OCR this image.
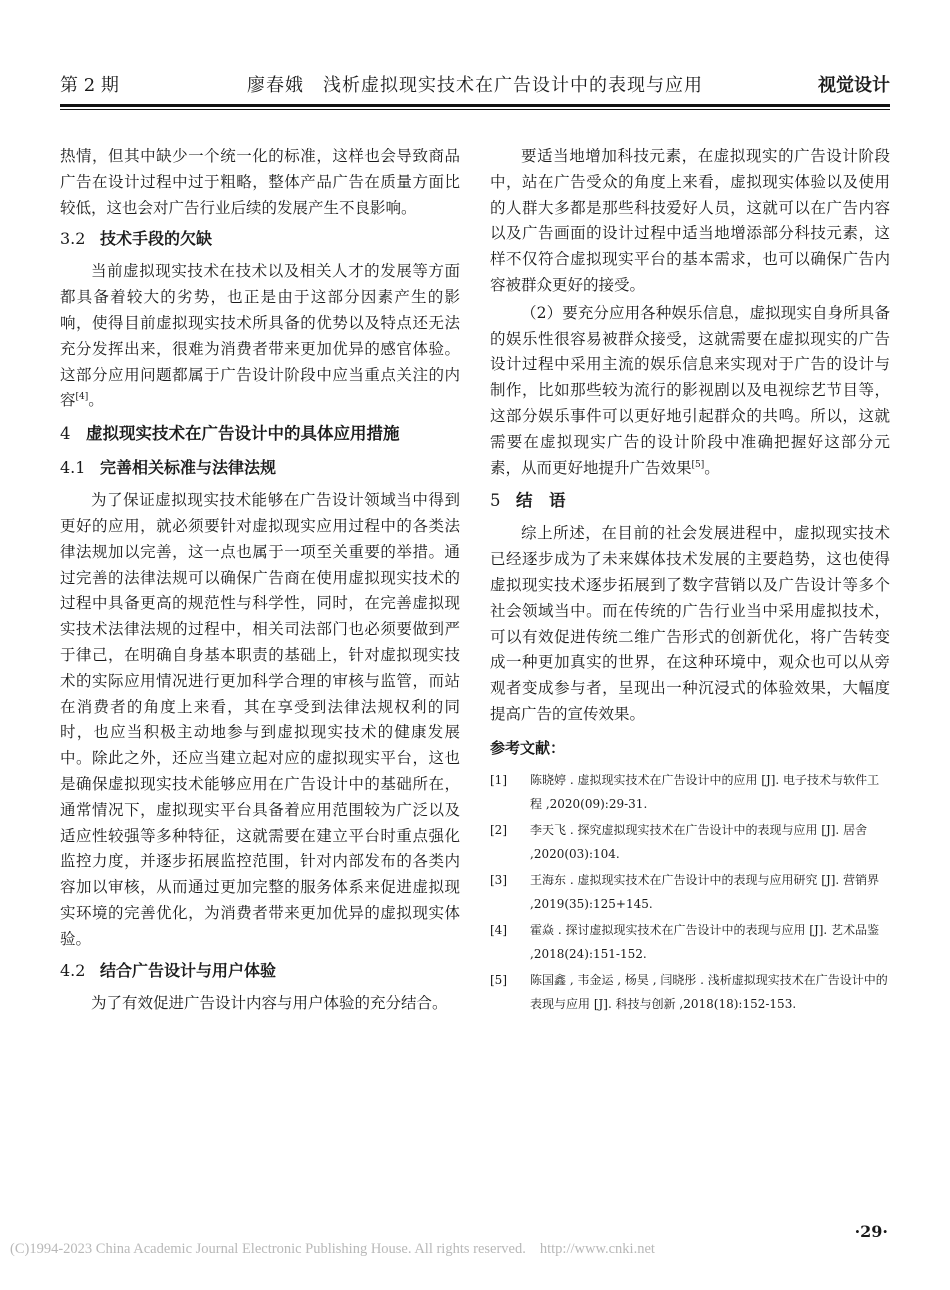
第 2 期	廖春娥　浅析虚拟现实技术在广告设计中的表现与应用	视觉设计

热情，但其中缺少一个统一化的标准，这样也会导致商品广告在设计过程中过于粗略，整体产品广告在质量方面比较低，这也会对广告行业后续的发展产生不良影响。

3.2 技术手段的欠缺

当前虚拟现实技术在技术以及相关人才的发展等方面都具备着较大的劣势，也正是由于这部分因素产生的影响，使得目前虚拟现实技术所具备的优势以及特点还无法充分发挥出来，很难为消费者带来更加优异的感官体验。这部分应用问题都属于广告设计阶段中应当重点关注的内容[4]。

4 虚拟现实技术在广告设计中的具体应用措施
4.1 完善相关标准与法律法规

为了保证虚拟现实技术能够在广告设计领域当中得到更好的应用，就必须要针对虚拟现实应用过程中的各类法律法规加以完善，这一点也属于一项至关重要的举措。通过完善的法律法规可以确保广告商在使用虚拟现实技术的过程中具备更高的规范性与科学性，同时，在完善虚拟现实技术法律法规的过程中，相关司法部门也必须要做到严于律己，在明确自身基本职责的基础上，针对虚拟现实技术的实际应用情况进行更加科学合理的审核与监管，而站在消费者的角度上来看，其在享受到法律法规权利的同时，也应当积极主动地参与到虚拟现实技术的健康发展中。除此之外，还应当建立起对应的虚拟现实平台，这也是确保虚拟现实技术能够应用在广告设计中的基础所在，通常情况下，虚拟现实平台具备着应用范围较为广泛以及适应性较强等多种特征，这就需要在建立平台时重点强化监控力度，并逐步拓展监控范围，针对内部发布的各类内容加以审核，从而通过更加完整的服务体系来促进虚拟现实环境的完善优化，为消费者带来更加优异的虚拟现实体验。

4.2 结合广告设计与用户体验

为了有效促进广告设计内容与用户体验的充分结合。

要适当地增加科技元素，在虚拟现实的广告设计阶段中，站在广告受众的角度上来看，虚拟现实体验以及使用的人群大多都是那些科技爱好人员，这就可以在广告内容以及广告画面的设计过程中适当地增添部分科技元素，这样不仅符合虚拟现实平台的基本需求，也可以确保广告内容被群众更好的接受。

（2）要充分应用各种娱乐信息，虚拟现实自身所具备的娱乐性很容易被群众接受，这就需要在虚拟现实的广告设计过程中采用主流的娱乐信息来实现对于广告的设计与制作，比如那些较为流行的影视剧以及电视综艺节目等，这部分娱乐事件可以更好地引起群众的共鸣。所以，这就需要在虚拟现实广告的设计阶段中准确把握好这部分元素，从而更好地提升广告效果[5]。

5 结　语

综上所述，在目前的社会发展进程中，虚拟现实技术已经逐步成为了未来媒体技术发展的主要趋势，这也使得虚拟现实技术逐步拓展到了数字营销以及广告设计等多个社会领域当中。而在传统的广告行业当中采用虚拟技术，可以有效促进传统二维广告形式的创新优化，将广告转变成一种更加真实的世界，在这种环境中，观众也可以从旁观者变成参与者，呈现出一种沉浸式的体验效果，大幅度提高广告的宣传效果。

参考文献：
[1] 陈晓婷 . 虚拟现实技术在广告设计中的应用 [J]. 电子技术与软件工程 ,2020(09):29-31.
[2] 李天飞 . 探究虚拟现实技术在广告设计中的表现与应用 [J]. 居舍 ,2020(03):104.
[3] 王海东 . 虚拟现实技术在广告设计中的表现与应用研究 [J]. 营销界 ,2019(35):125+145.
[4] 霍焱 . 探讨虚拟现实技术在广告设计中的表现与应用 [J]. 艺术品鉴 ,2018(24):151-152.
[5] 陈国鑫 , 韦金运 , 杨昊 , 闫晓彤 . 浅析虚拟现实技术在广告设计中的表现与应用 [J]. 科技与创新 ,2018(18):152-153.
·29·
(C)1994-2023 China Academic Journal Electronic Publishing House. All rights reserved. http://www.cnki.net
